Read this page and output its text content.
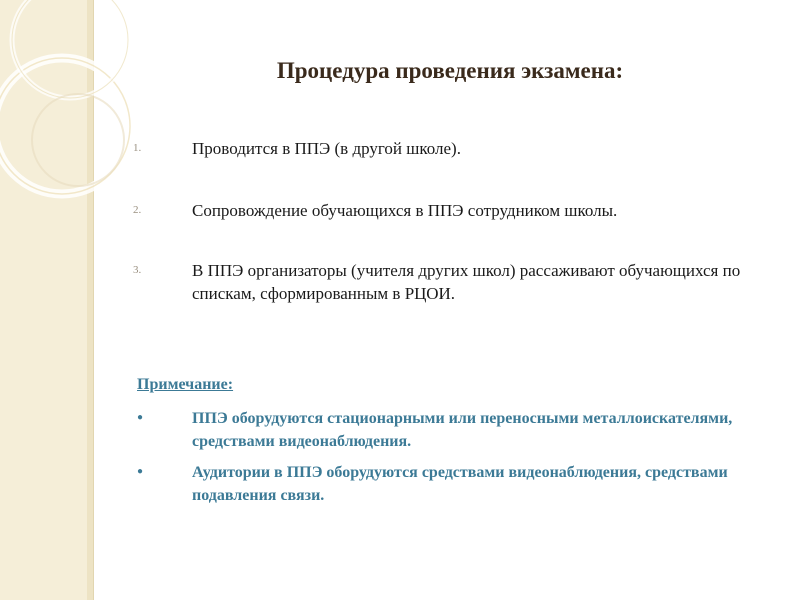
Процедура проведения экзамена:
1.	Проводится в ППЭ (в другой школе).
2.	Сопровождение обучающихся в ППЭ сотрудником школы.
3.	В ППЭ организаторы (учителя других школ) рассаживают обучающихся по спискам, сформированным в РЦОИ.
Примечание:
●	ППЭ оборудуются стационарными или переносными металлоискателями, средствами видеонаблюдения.
●	Аудитории в ППЭ оборудуются средствами видеонаблюдения, средствами подавления связи.
